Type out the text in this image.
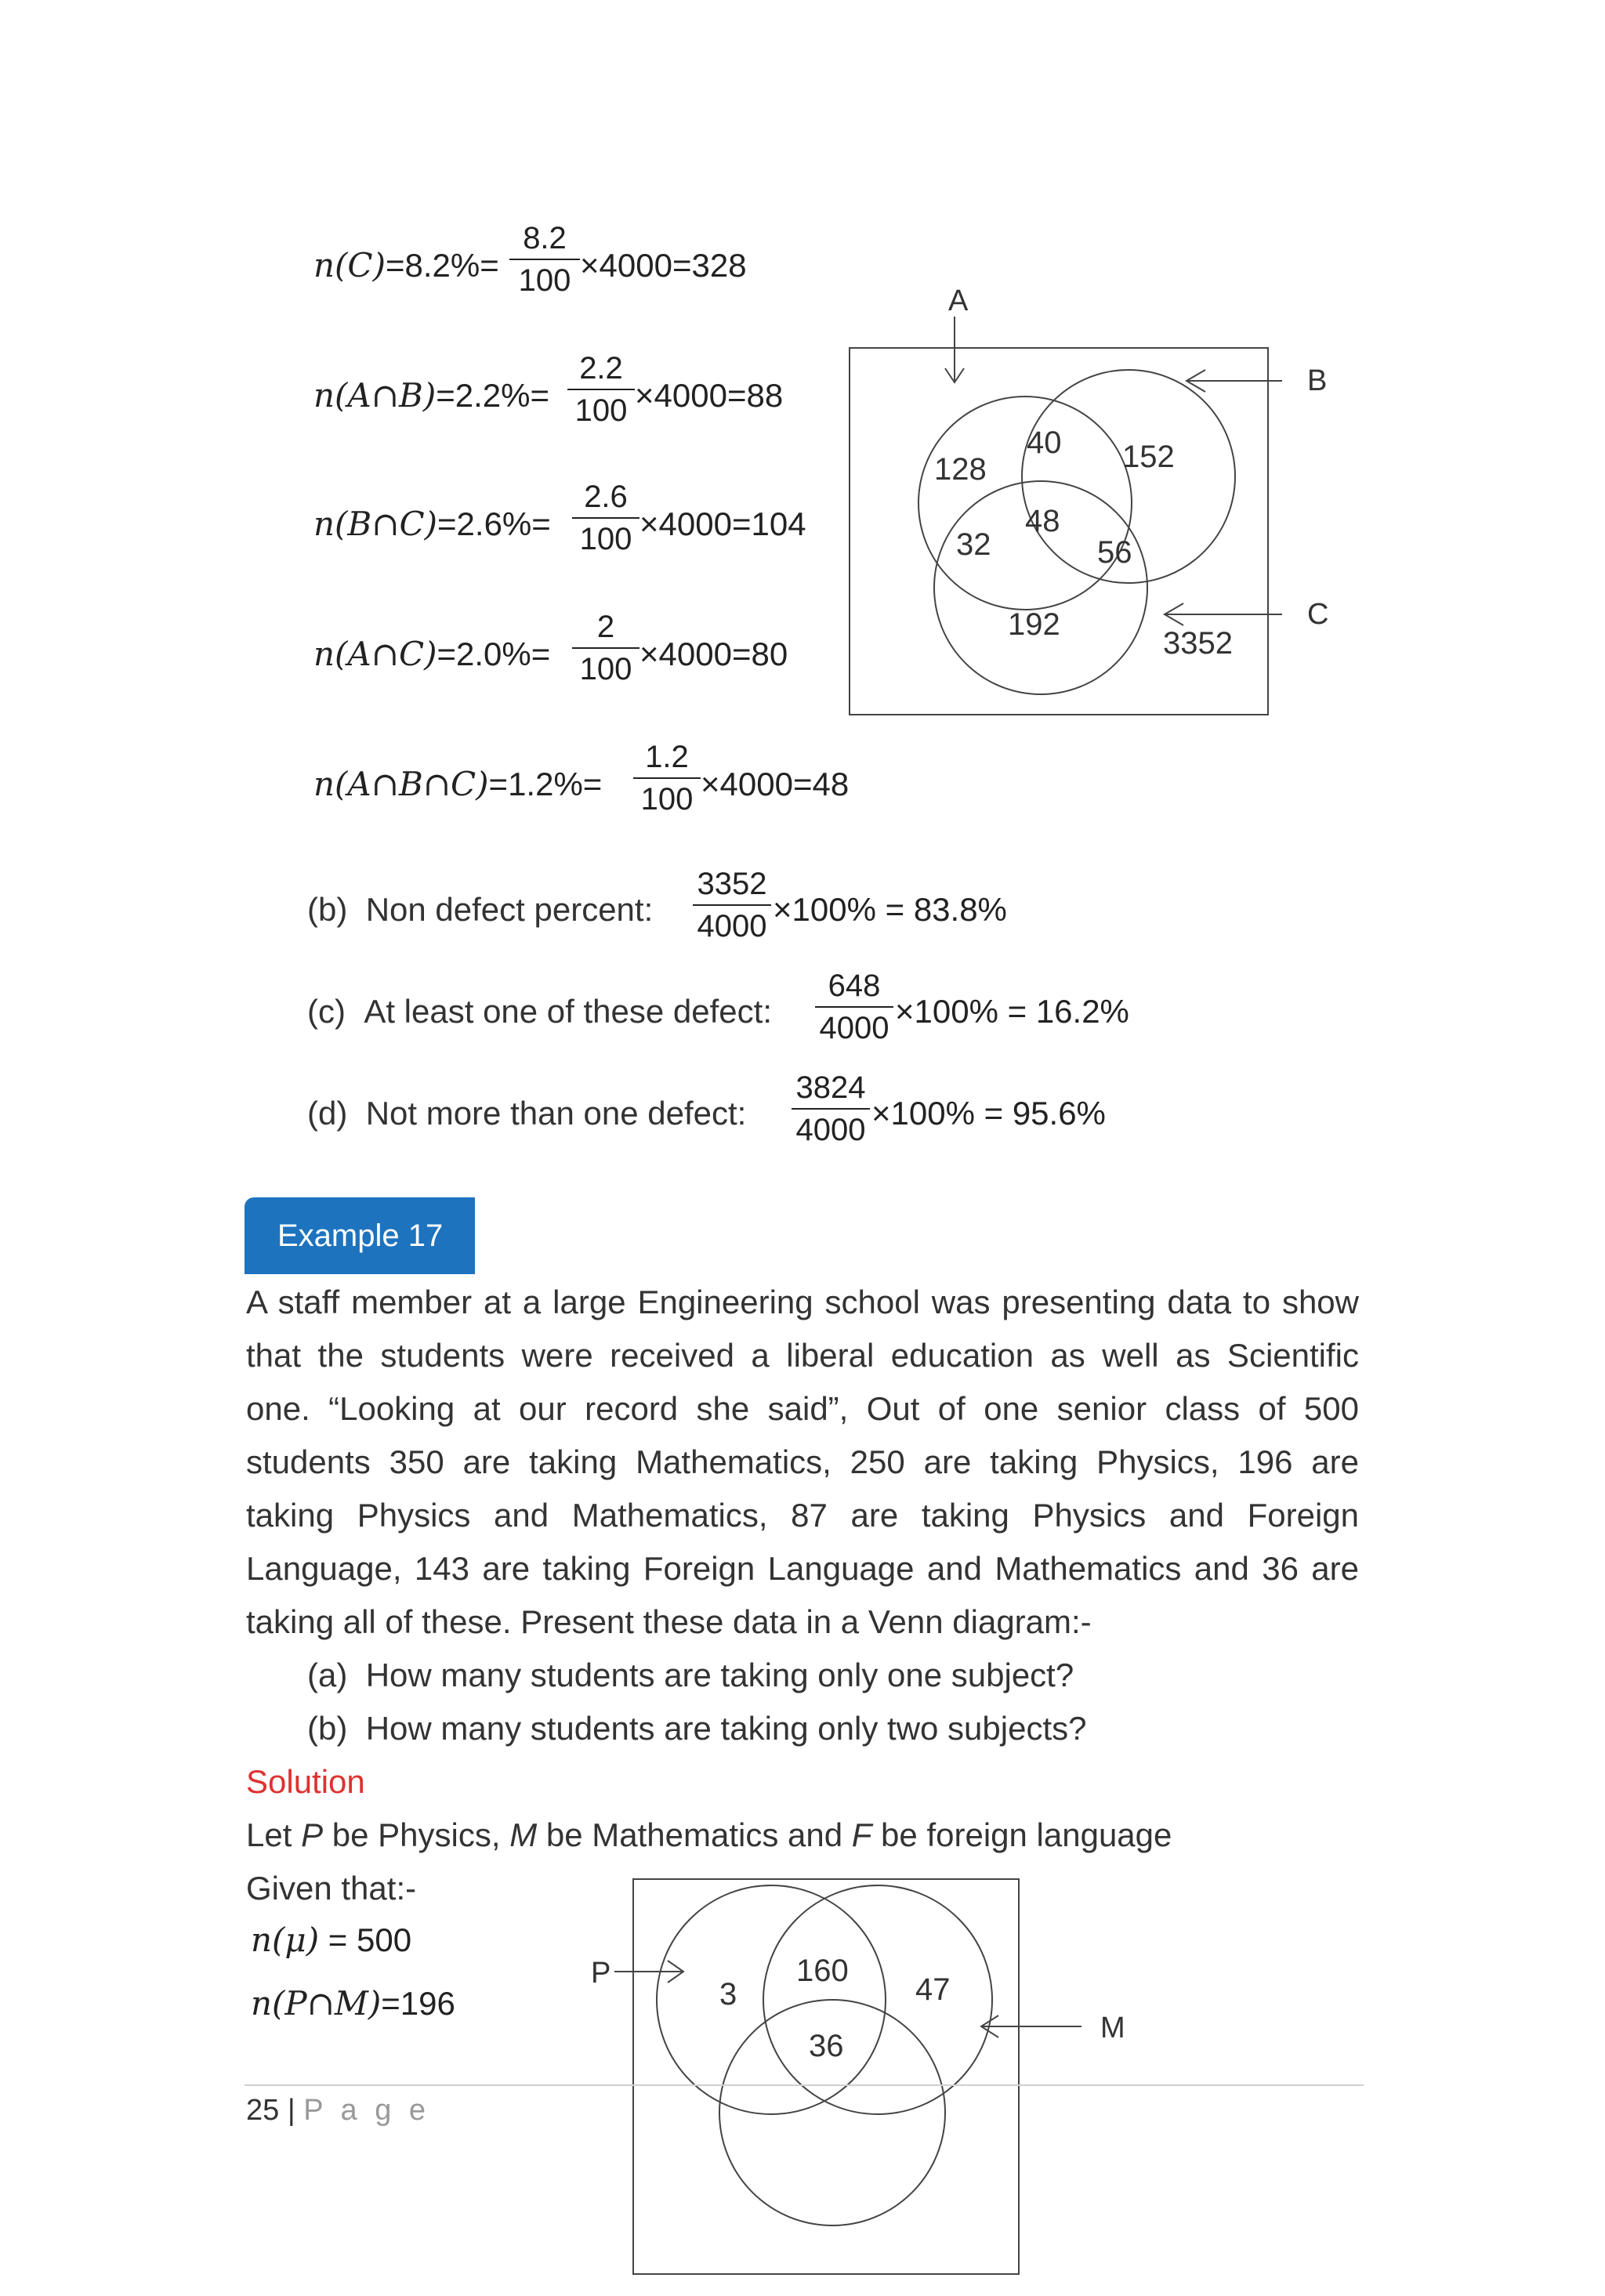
n(C)=8.2%=
8.2
100 ×4000=328
n(A∩B)=2.2%=
2.2
100 ×4000=88
n(B∩C)=2.6%=
2.6
100 ×4000=104
n(A∩C)=2.0%=
2
100 ×4000=80
n(A∩B∩C)=1.2%=
1.2
100 ×4000=48
A
B
C
128
40 152
32
48
56
192
3352
(b) Non defect percent:
3352
4000 ×100% = 83.8%
(c) At least one of these defect:
648
4000 ×100% = 16.2%
(d) Not more than one defect:
3824
4000 ×100% = 95.6%
Example 17
A staff member at a large Engineering school was presenting data to show
that the students were received a liberal education as well as Scientific
one. “Looking at our record she said”, Out of one senior class of 500
students 350 are taking Mathematics, 250 are taking Physics, 196 are
taking Physics and Mathematics, 87 are taking Physics and Foreign
Language, 143 are taking Foreign Language and Mathematics and 36 are
taking all of these. Present these data in a Venn diagram:-
(a) How many students are taking only one subject?
(b) How many students are taking only two subjects?
Solution
Let P be Physics, M be Mathematics and F be foreign language
Given that:-
n(μ) = 500
n(P∩M)=196
P
M
3
160
47
36
25 | P a g e
